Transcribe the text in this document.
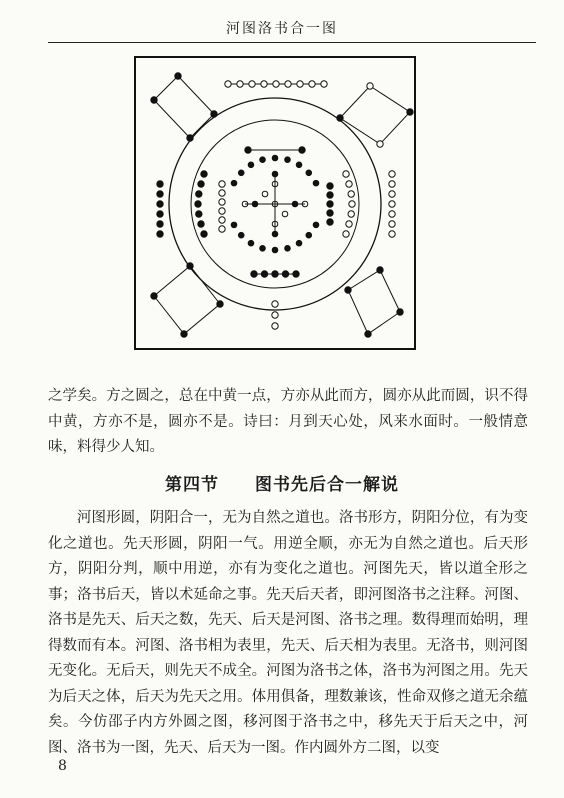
河图洛书合一图

之学矣。方之圆之，总在中黄一点，方亦从此而方，圆亦从此而圆，识不得中黄，方亦不是，圆亦不是。诗曰：月到天心处，风来水面时。一般情意味，料得少人知。

第四节 图书先后合一解说

河图形圆，阴阳合一，无为自然之道也。洛书形方，阴阳分位，有为变化之道也。先天形圆，阴阳一气。用逆全顺，亦无为自然之道也。后天形方，阴阳分判，顺中用逆，亦有为变化之道也。河图先天，皆以道全形之事；洛书后天，皆以术延命之事。先天后天者，即河图洛书之注释。河图、洛书是先天、后天之数，先天、后天是河图、洛书之理。数得理而始明，理得数而有本。河图、洛书相为表里，先天、后天相为表里。无洛书，则河图无变化。无后天，则先天不成全。河图为洛书之体，洛书为河图之用。先天为后天之体，后天为先天之用。体用俱备，理数兼该，性命双修之道无余蕴矣。今仿邵子内方外圆之图，移河图于洛书之中，移先天于后天之中，河图、洛书为一图，先天、后天为一图。作内圆外方二图，以变

8
